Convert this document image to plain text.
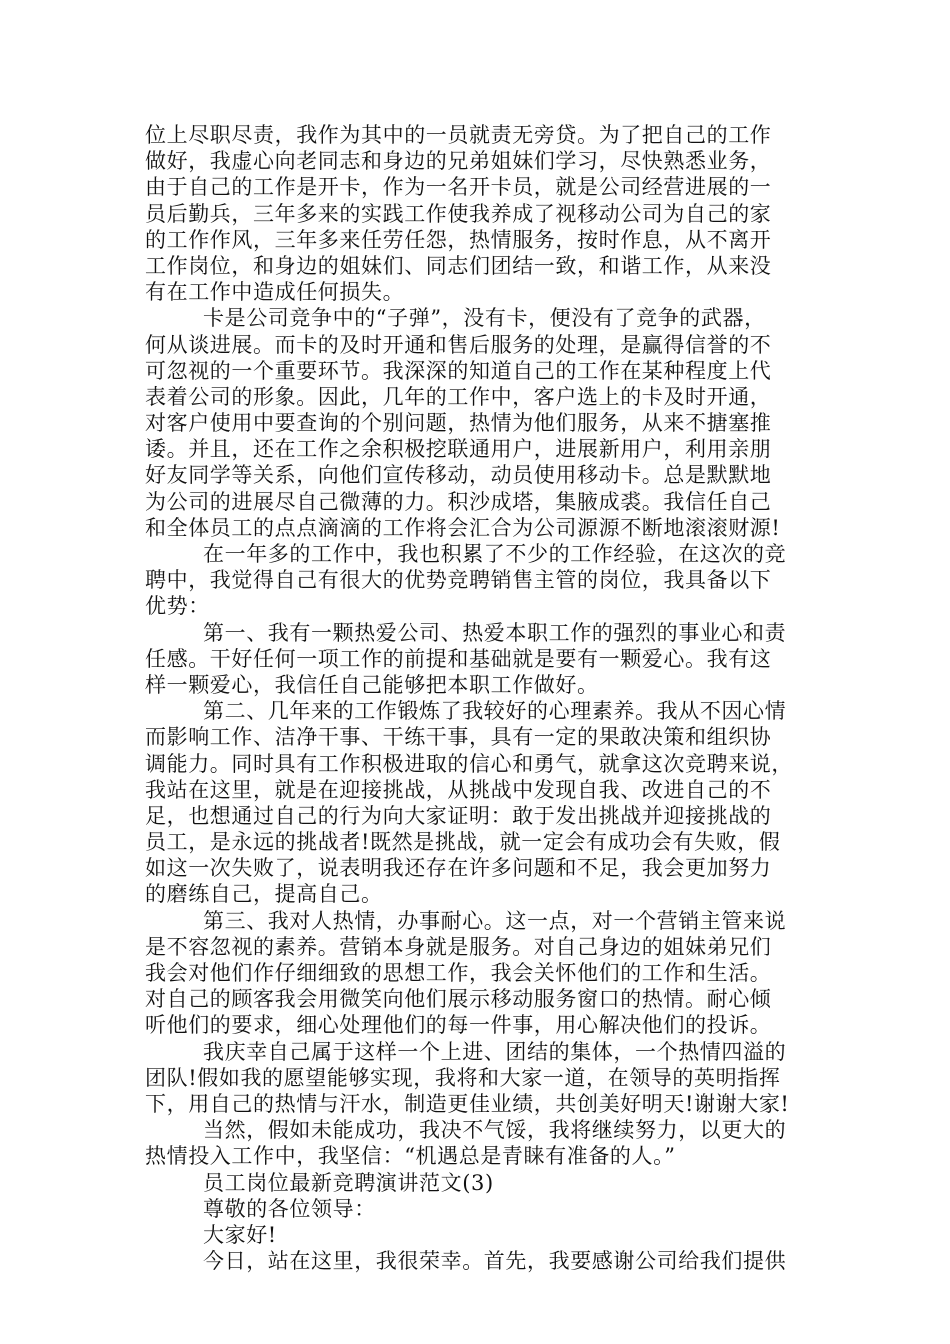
位上尽职尽责，我作为其中的一员就责无旁贷。为了把自己的工作
做好，我虚心向老同志和身边的兄弟姐妹们学习，尽快熟悉业务，
由于自己的工作是开卡，作为一名开卡员，就是公司经营进展的一
员后勤兵，三年多来的实践工作使我养成了视移动公司为自己的家
的工作作风，三年多来任劳任怨，热情服务，按时作息，从不离开
工作岗位，和身边的姐妹们、同志们团结一致，和谐工作，从来没
有在工作中造成任何损失。
卡是公司竞争中的“子弹”，没有卡，便没有了竞争的武器，
何从谈进展。而卡的及时开通和售后服务的处理，是赢得信誉的不
可忽视的一个重要环节。我深深的知道自己的工作在某种程度上代
表着公司的形象。因此，几年的工作中，客户选上的卡及时开通，
对客户使用中要查询的个别问题，热情为他们服务，从来不搪塞推
诿。并且，还在工作之余积极挖联通用户，进展新用户，利用亲朋
好友同学等关系，向他们宣传移动，动员使用移动卡。总是默默地
为公司的进展尽自己微薄的力。积沙成塔，集腋成裘。我信任自己
和全体员工的点点滴滴的工作将会汇合为公司源源不断地滚滚财源!
在一年多的工作中，我也积累了不少的工作经验，在这次的竞
聘中，我觉得自己有很大的优势竞聘销售主管的岗位，我具备以下
优势：
第一、我有一颗热爱公司、热爱本职工作的强烈的事业心和责
任感。干好任何一项工作的前提和基础就是要有一颗爱心。我有这
样一颗爱心，我信任自己能够把本职工作做好。
第二、几年来的工作锻炼了我较好的心理素养。我从不因心情
而影响工作、洁净干事、干练干事，具有一定的果敢决策和组织协
调能力。同时具有工作积极进取的信心和勇气，就拿这次竞聘来说，
我站在这里，就是在迎接挑战，从挑战中发现自我、改进自己的不
足，也想通过自己的行为向大家证明：敢于发出挑战并迎接挑战的
员工，是永远的挑战者!既然是挑战，就一定会有成功会有失败，假
如这一次失败了，说表明我还存在许多问题和不足，我会更加努力
的磨练自己，提高自己。
第三、我对人热情，办事耐心。这一点，对一个营销主管来说
是不容忽视的素养。营销本身就是服务。对自己身边的姐妹弟兄们
我会对他们作仔细细致的思想工作，我会关怀他们的工作和生活。
对自己的顾客我会用微笑向他们展示移动服务窗口的热情。耐心倾
听他们的要求，细心处理他们的每一件事，用心解决他们的投诉。
我庆幸自己属于这样一个上进、团结的集体，一个热情四溢的
团队!假如我的愿望能够实现，我将和大家一道，在领导的英明指挥
下，用自己的热情与汗水，制造更佳业绩，共创美好明天!谢谢大家!
当然，假如未能成功，我决不气馁，我将继续努力，以更大的
热情投入工作中，我坚信：“机遇总是青睐有准备的人。”
员工岗位最新竞聘演讲范文(3)
尊敬的各位领导：
大家好!
今日，站在这里，我很荣幸。首先，我要感谢公司给我们提供
